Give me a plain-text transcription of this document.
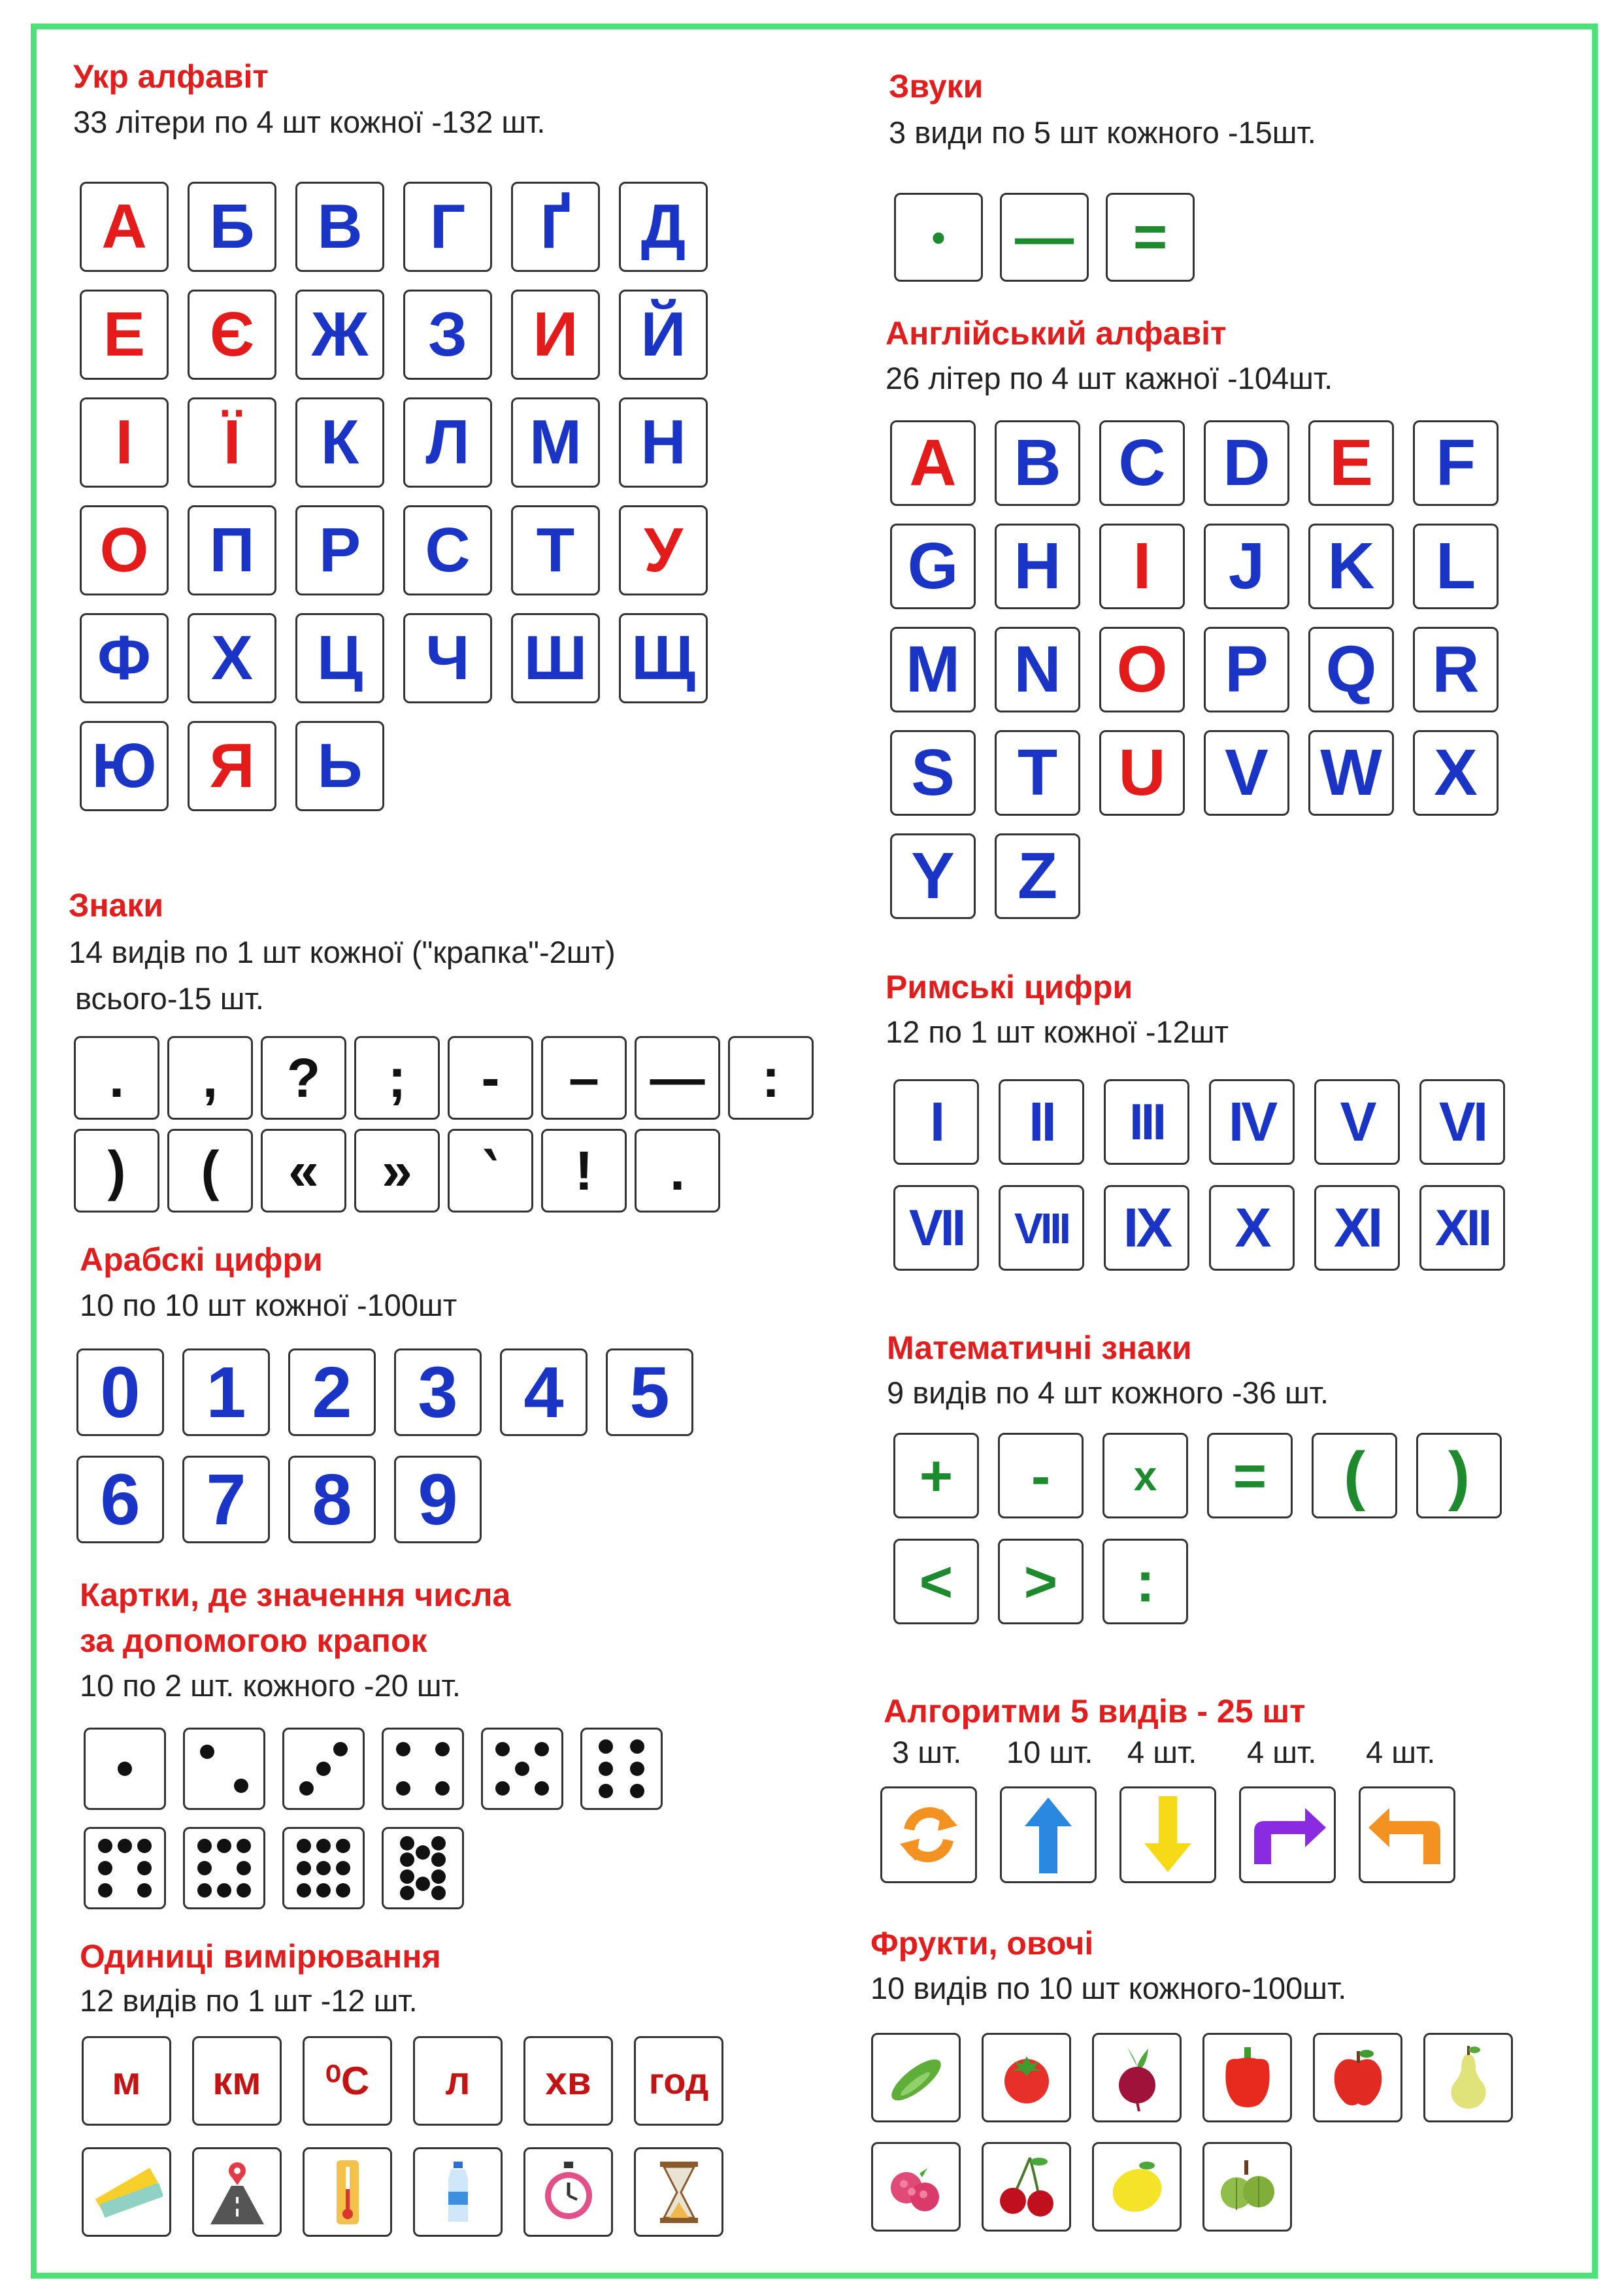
Укр алфавіт
33 літери по 4 шт кожної -132 шт.
А Б В	Г	Ґ	Д
Е	Є Ж З	И	Й
І	Ї	К	Л М Н
О П	Р	С	Т	У
Ф Х	Ц	Ч Ш Щ
Ю Я	Ь
Звуки
3 види по 5 шт кожного -15шт.
•	—	=
Англійський алфавіт
26 літер по 4 шт кажної -104шт.
A B C D E F
G H	I	J K L
M N O P Q R
S T U V W X
Y Z
Знаки
14 видів по 1 шт кожної ("крапка"-2шт)
всього-15 шт.
.	,	?	;	-	– —	:
)	(	«	»	‵	!	.
Римські цифри
12 по 1 шт кожної -12шт
I	II	III	IV	V	VI
VII	VIII IX	X	XI	XII
Арабскі цифри
10 по 10 шт кожної -100шт
0 1 2 3 4 5
6 7 8 9
Математичні знаки
9 видів по 4 шт кожного -36 шт.
+	-	x	=	(	)
<	>	:
Картки, де значення числа
за допомогою крапок
10 по 2 шт. кожного -20 шт.
Алгоритми 5 видів - 25 шт
3 шт. 10 шт. 4 шт. 4 шт. 4 шт.
Одиниці вимірювання
12 видів по 1 шт -12 шт.
м	км	⁰С	л	хв	год
Фрукти, овочі
10 видів по 10 шт кожного-100шт.
